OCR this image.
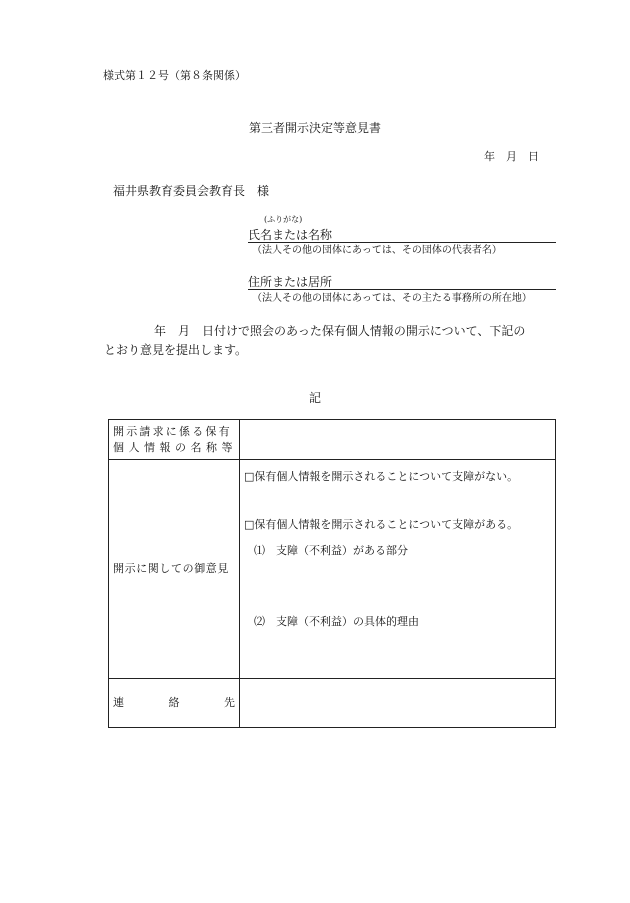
様式第１２号（第８条関係）
第三者開示決定等意見書
年　月　日
福井県教育委員会教育長　様
(ふりがな)
氏名または名称
（法人その他の団体にあっては、その団体の代表者名）
住所または居所
（法人その他の団体にあっては、その主たる事務所の所在地）
年　月　日付けで照会のあった保有個人情報の開示について、下記の
とおり意見を提出します。
記
開示請求に係る保有
個人情報の名称等	

開示に関しての御意見	□保有個人情報を開示されることについて支障がない。
□保有個人情報を開示されることについて支障がある。
⑴　支障（不利益）がある部分
⑵　支障（不利益）の具体的理由

連 絡 先	
